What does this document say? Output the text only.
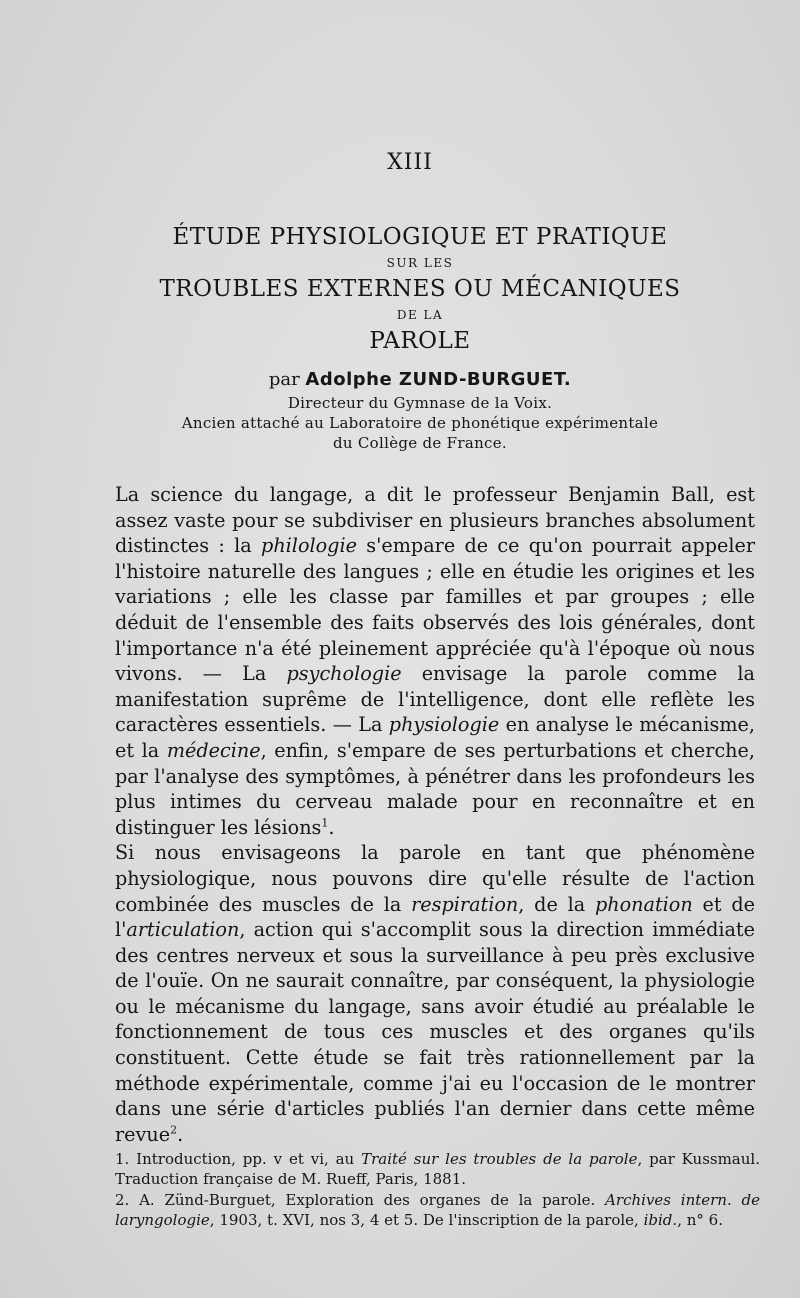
XIII
ÉTUDE PHYSIOLOGIQUE ET PRATIQUE
SUR LES
TROUBLES EXTERNES OU MÉCANIQUES
DE LA
PAROLE
par Adolphe ZUND-BURGUET.
Directeur du Gymnase de la Voix.
Ancien attaché au Laboratoire de phonétique expérimentale
du Collège de France.

La science du langage, a dit le professeur Benjamin Ball, est assez vaste pour se subdiviser en plusieurs branches absolument distinctes : la philologie s'empare de ce qu'on pourrait appeler l'histoire naturelle des langues ; elle en étudie les origines et les variations ; elle les classe par familles et par groupes ; elle déduit de l'ensemble des faits observés des lois générales, dont l'importance n'a été pleinement appréciée qu'à l'époque où nous vivons. — La psychologie envisage la parole comme la manifestation suprême de l'intelligence, dont elle reflète les caractères essentiels. — La physiologie en analyse le mécanisme, et la médecine, enfin, s'empare de ses perturbations et cherche, par l'analyse des symptômes, à pénétrer dans les profondeurs les plus intimes du cerveau malade pour en reconnaître et en distinguer les lésions$^1$.

Si nous envisageons la parole en tant que phénomène physiologique, nous pouvons dire qu'elle résulte de l'action combinée des muscles de la respiration, de la phonation et de l'articulation, action qui s'accomplit sous la direction immédiate des centres nerveux et sous la surveillance à peu près exclusive de l'ouïe. On ne saurait connaître, par conséquent, la physiologie ou le mécanisme du langage, sans avoir étudié au préalable le fonctionnement de tous ces muscles et des organes qu'ils constituent. Cette étude se fait très rationnellement par la méthode expérimentale, comme j'ai eu l'occasion de le montrer dans une série d'articles publiés l'an dernier dans cette même revue$^2$.

1. Introduction, pp. v et vi, au Traité sur les troubles de la parole, par Kussmaul. Traduction française de M. Rueff, Paris, 1881.

2. A. Zünd-Burguet, Exploration des organes de la parole. Archives intern. de laryngologie, 1903, t. XVI, nos 3, 4 et 5. De l'inscription de la parole, ibid., n° 6.
